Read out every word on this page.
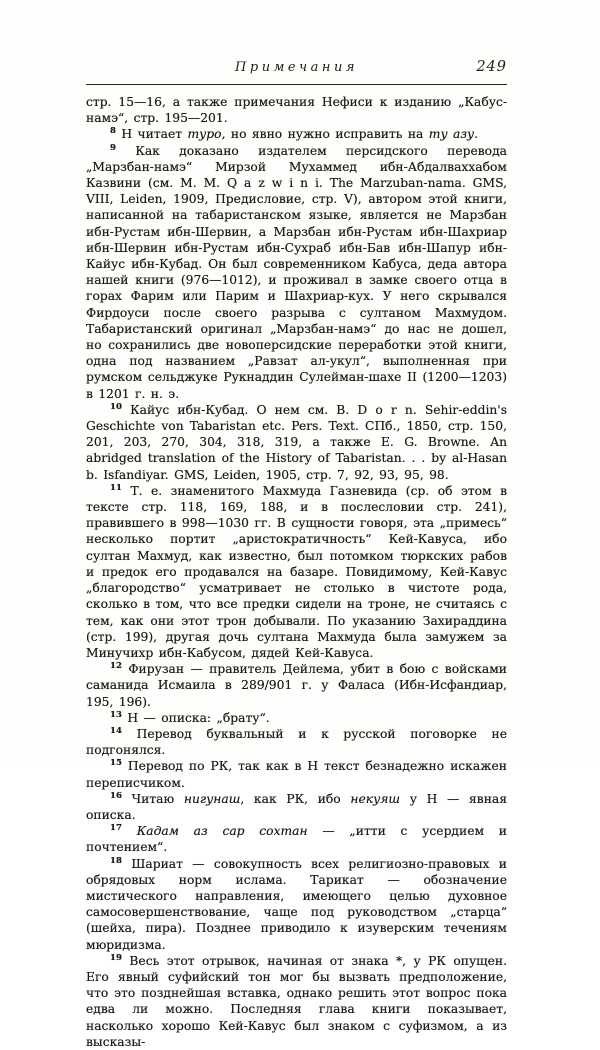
Примечания	249

стр. 15—16, а также примечания Нефиси к изданию „Кабус-намэ“, стр. 195—201.

$^8$ Н читает туро, но явно нужно исправить на ту азу.

$^9$ Как доказано издателем персидского перевода „Марзбан-намэ“ Мирзой Мухаммед ибн-Абдалваххабом Казвини (см. М. М. Q a z w i n i. The Marzuban-nama. GMS, VIII, Leiden, 1909, Предисловие, стр. V), автором этой книги, написанной на табаристанском языке, является не Марзбан ибн-Рустам ибн-Шервин, а Марзбан ибн-Рустам ибн-Шахриар ибн-Шервин ибн-Рустам ибн-Сухраб ибн-Бав ибн-Шапур ибн-Кайус ибн-Кубад. Он был современником Кабуса, деда автора нашей книги (976—1012), и проживал в замке своего отца в горах Фарим или Парим и Шахриар-кух. У него скрывался Фирдоуси после своего разрыва с султаном Махмудом. Табаристанский оригинал „Марзбан-намэ“ до нас не дошел, но сохранились две новоперсидские переработки этой книги, одна под названием „Равзат ал-укул“, выполненная при румском сельджуке Рукнаддин Сулейман-шахе II (1200—1203) в 1201 г. н. э.

$^{10}$ Кайус ибн-Кубад. О нем см. B. D o r n. Sehir-eddin's Geschichte von Tabaristan etc. Pers. Text. СПб., 1850, стр. 150, 201, 203, 270, 304, 318, 319, а также E. G. Browne. An abridged translation of the History of Tabaristan. . . by al-Hasan b. Isfandiyar. GMS, Leiden, 1905, стр. 7, 92, 93, 95, 98.

$^{11}$ Т. е. знаменитого Махмуда Газневида (ср. об этом в тексте стр. 118, 169, 188, и в послесловии стр. 241), правившего в 998—1030 гг. В сущности говоря, эта „примесь“ несколько портит „аристократичность“ Кей-Кавуса, ибо султан Махмуд, как известно, был потомком тюркских рабов и предок его продавался на базаре. Повидимому, Кей-Кавус „благородство“ усматривает не столько в чистоте рода, сколько в том, что все предки сидели на троне, не считаясь с тем, как они этот трон добывали. По указанию Захираддина (стр. 199), другая дочь султана Махмуда была замужем за Минучихр ибн-Кабусом, дядей Кей-Кавуса.

$^{12}$ Фирузан — правитель Дейлема, убит в бою с войсками саманида Исмаила в 289/901 г. у Фаласа (Ибн-Исфандиар, 195, 196).

$^{13}$ Н — описка: „брату“.

$^{14}$ Перевод буквальный и к русской поговорке не подгонялся.

$^{15}$ Перевод по РК, так как в Н текст безнадежно искажен переписчиком.

$^{16}$ Читаю нигунаш, как РК, ибо некуяш у Н — явная описка.

$^{17}$ Кадам аз сар сохтан — „итти с усердием и почтением“.

$^{18}$ Шариат — совокупность всех религиозно-правовых и обрядовых норм ислама. Тарикат — обозначение мистического направления, имеющего целью духовное самосовершенствование, чаще под руководством „старца“ (шейха, пира). Позднее приводило к изуверским течениям мюридизма.

$^{19}$ Весь этот отрывок, начиная от знака *, у РК опущен. Его явный суфийский тон мог бы вызвать предположение, что это позднейшая вставка, однако решить этот вопрос пока едва ли можно. Последняя глава книги показывает, насколько хорошо Кей-Кавус был знаком с суфизмом, а из высказы-
